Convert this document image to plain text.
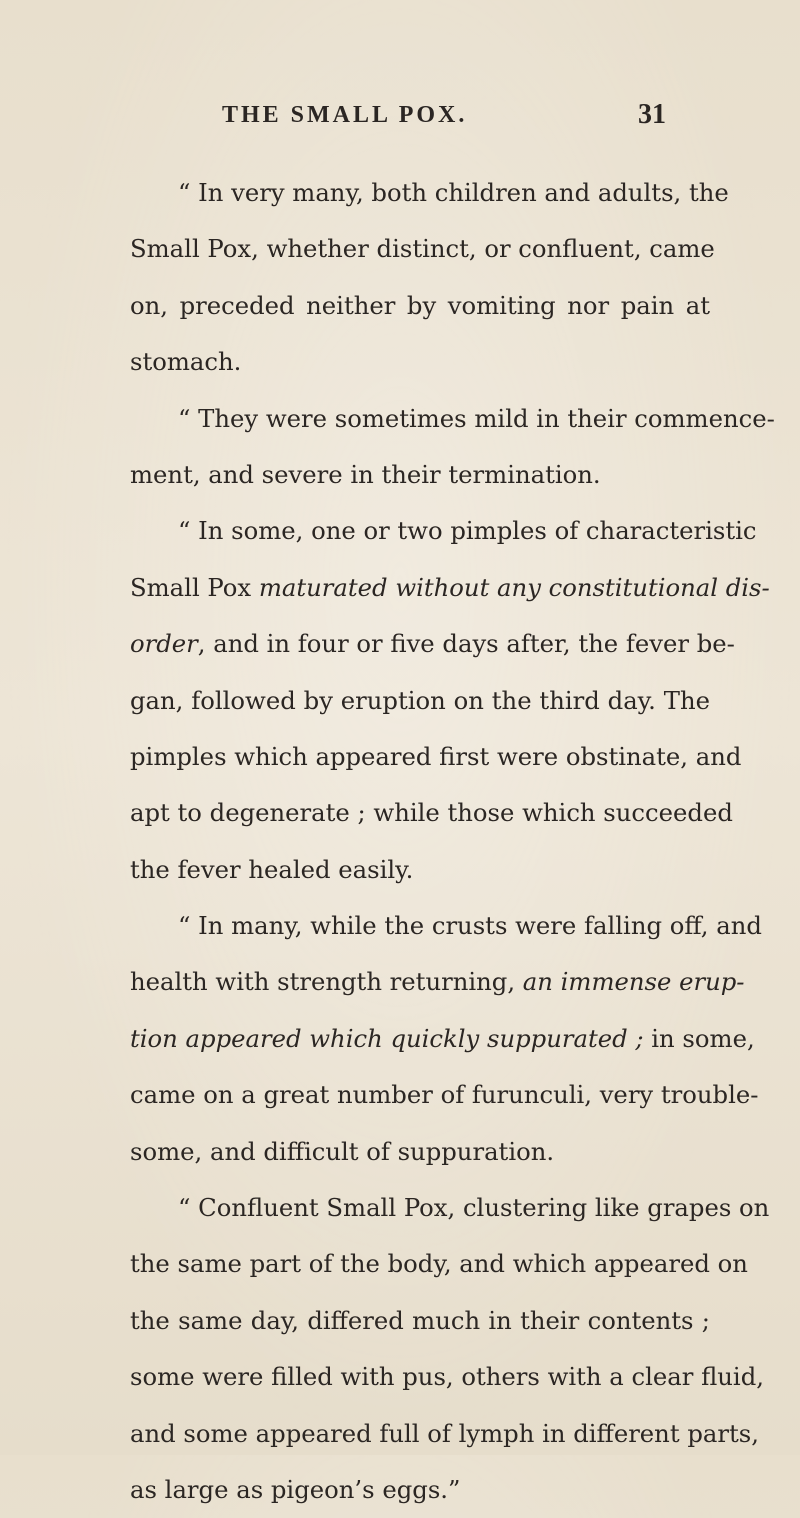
THE SMALL POX.	31
“ In very many, both children and adults, the
Small Pox, whether distinct, or confluent, came
on, preceded neither by vomiting nor pain at
stomach.
“ They were sometimes mild in their commence-
ment, and severe in their termination.
“ In some, one or two pimples of characteristic
Small Pox maturated without any constitutional dis-
order, and in four or five days after, the fever be-
gan, followed by eruption on the third day. The
pimples which appeared first were obstinate, and
apt to degenerate ; while those which succeeded
the fever healed easily.
“ In many, while the crusts were falling off, and
health with strength returning, an immense erup-
tion appeared which quickly suppurated ; in some,
came on a great number of furunculi, very trouble-
some, and difficult of suppuration.
“ Confluent Small Pox, clustering like grapes on
the same part of the body, and which appeared on
the same day, differed much in their contents ;
some were filled with pus, others with a clear fluid,
and some appeared full of lymph in different parts,
as large as pigeon’s eggs.”
